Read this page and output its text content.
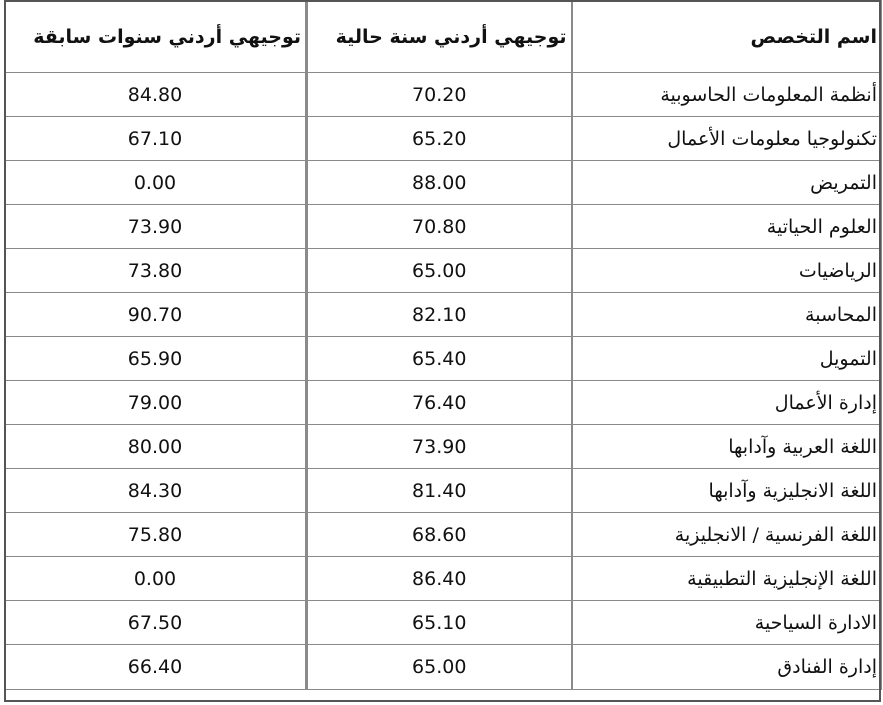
توجيهي أردني سنوات سابقة	توجيهي أردني سنة حالية	اسم التخصص
84.80	70.20	أنظمة المعلومات الحاسوبية
67.10	65.20	تكنولوجيا معلومات الأعمال
0.00	88.00	التمريض
73.90	70.80	العلوم الحياتية
73.80	65.00	الرياضيات
90.70	82.10	المحاسبة
65.90	65.40	التمويل
79.00	76.40	إدارة الأعمال
80.00	73.90	اللغة العربية وآدابها
84.30	81.40	اللغة الانجليزية وآدابها
75.80	68.60	اللغة الفرنسية / الانجليزية
0.00	86.40	اللغة الإنجليزية التطبيقية
67.50	65.10	الادارة السياحية
66.40	65.00	إدارة الفنادق
